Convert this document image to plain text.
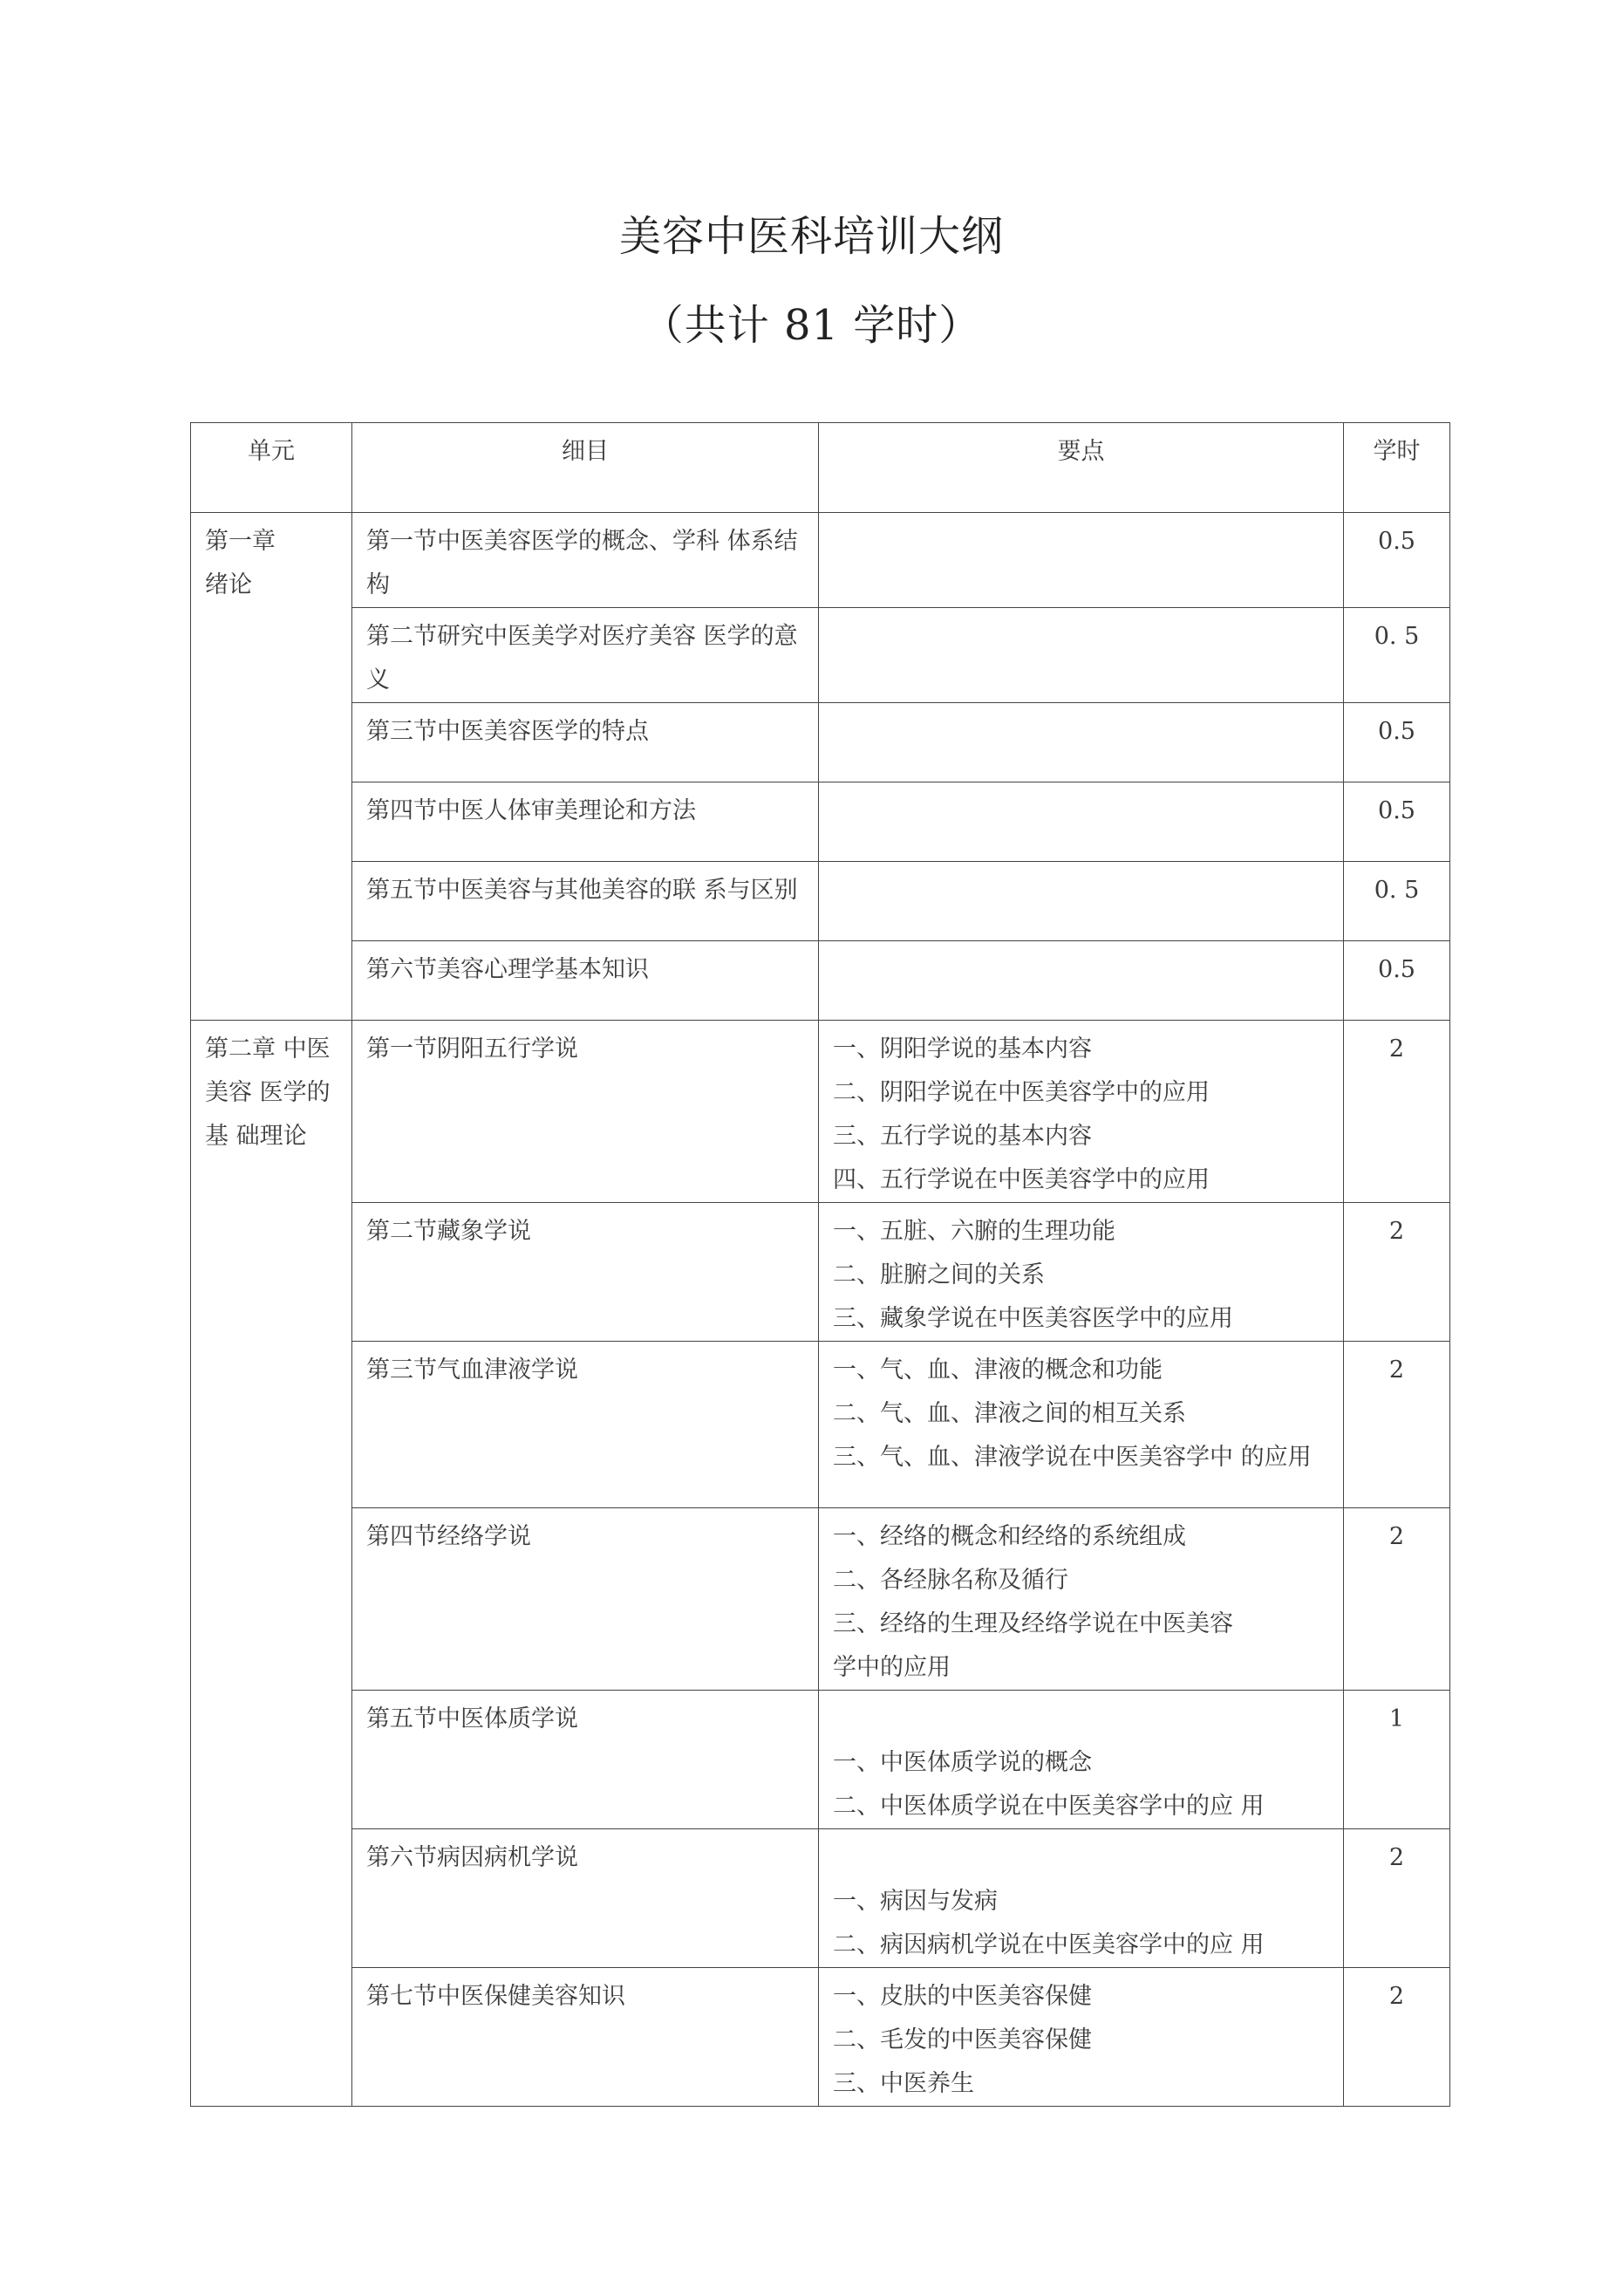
美容中医科培训大纲
（共计 81 学时）
单元	细目	要点	学时
第一章
绪论	第一节中医美容医学的概念、学科 体系结构		0.5
	第二节研究中医美学对医疗美容 医学的意义		0. 5
	第三节中医美容医学的特点		0.5
	第四节中医人体审美理论和方法		0.5
	第五节中医美容与其他美容的联 系与区别		0. 5
	第六节美容心理学基本知识		0.5
第二章 中医美容 医学的基 础理论	第一节阴阳五行学说	一、阴阳学说的基本内容
二、阴阳学说在中医美容学中的应用
三、五行学说的基本内容
四、五行学说在中医美容学中的应用	2
	第二节藏象学说	一、五脏、六腑的生理功能
二、脏腑之间的关系
三、藏象学说在中医美容医学中的应用	2
	第三节气血津液学说	一、气、血、津液的概念和功能
二、气、血、津液之间的相互关系
三、气、血、津液学说在中医美容学中 的应用	2
	第四节经络学说	一、经络的概念和经络的系统组成
二、各经脉名称及循行
三、经络的生理及经络学说在中医美容
学中的应用	2
	第五节中医体质学说	一、中医体质学说的概念
二、中医体质学说在中医美容学中的应 用	1
	第六节病因病机学说	一、病因与发病
二、病因病机学说在中医美容学中的应 用	2
	第七节中医保健美容知识	一、皮肤的中医美容保健
二、毛发的中医美容保健
三、中医养生	2
